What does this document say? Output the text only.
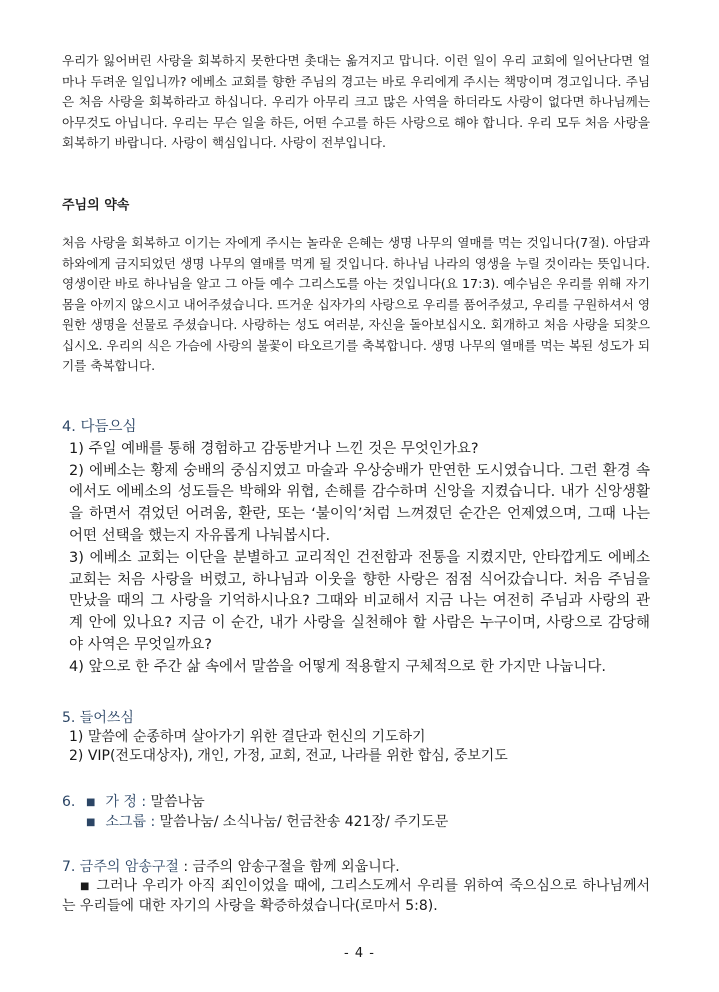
우리가 잃어버린 사랑을 회복하지 못한다면 촛대는 옮겨지고 맙니다. 이런 일이 우리 교회에 일어난다면 얼마나 두려운 일입니까? 에베소 교회를 향한 주님의 경고는 바로 우리에게 주시는 책망이며 경고입니다. 주님은 처음 사랑을 회복하라고 하십니다. 우리가 아무리 크고 많은 사역을 하더라도 사랑이 없다면 하나님께는 아무것도 아닙니다. 우리는 무슨 일을 하든, 어떤 수고를 하든 사랑으로 해야 합니다. 우리 모두 처음 사랑을 회복하기 바랍니다. 사랑이 핵심입니다. 사랑이 전부입니다.
주님의 약속
처음 사랑을 회복하고 이기는 자에게 주시는 놀라운 은혜는 생명 나무의 열매를 먹는 것입니다(7절). 아담과 하와에게 금지되었던 생명 나무의 열매를 먹게 될 것입니다. 하나님 나라의 영생을 누릴 것이라는 뜻입니다. 영생이란 바로 하나님을 알고 그 아들 예수 그리스도를 아는 것입니다(요 17:3). 예수님은 우리를 위해 자기 몸을 아끼지 않으시고 내어주셨습니다. 뜨거운 십자가의 사랑으로 우리를 품어주셨고, 우리를 구원하셔서 영원한 생명을 선물로 주셨습니다. 사랑하는 성도 여러분, 자신을 돌아보십시오. 회개하고 처음 사랑을 되찾으십시오. 우리의 식은 가슴에 사랑의 불꽃이 타오르기를 축복합니다. 생명 나무의 열매를 먹는 복된 성도가 되기를 축복합니다.
4. 다듬으심
1) 주일 예배를 통해 경험하고 감동받거나 느낀 것은 무엇인가요?
2) 에베소는 황제 숭배의 중심지였고 마술과 우상숭배가 만연한 도시였습니다. 그런 환경 속에서도 에베소의 성도들은 박해와 위협, 손해를 감수하며 신앙을 지켰습니다. 내가 신앙생활을 하면서 겪었던 어려움, 환란, 또는 ‘불이익’처럼 느껴졌던 순간은 언제였으며, 그때 나는 어떤 선택을 했는지 자유롭게 나눠봅시다.
3) 에베소 교회는 이단을 분별하고 교리적인 건전함과 전통을 지켰지만, 안타깝게도 에베소 교회는 처음 사랑을 버렸고, 하나님과 이웃을 향한 사랑은 점점 식어갔습니다. 처음 주님을 만났을 때의 그 사랑을 기억하시나요? 그때와 비교해서 지금 나는 여전히 주님과 사랑의 관계 안에 있나요? 지금 이 순간, 내가 사랑을 실천해야 할 사람은 누구이며, 사랑으로 감당해야 사역은 무엇일까요?
4) 앞으로 한 주간 삶 속에서 말씀을 어떻게 적용할지 구체적으로 한 가지만 나눕니다.
5. 들어쓰심
1) 말씀에 순종하며 살아가기 위한 결단과 헌신의 기도하기
2) VIP(전도대상자), 개인, 가정, 교회, 전교, 나라를 위한 합심, 중보기도
6. ■ 가 정 : 말씀나눔
■ 소그룹 : 말씀나눔/ 소식나눔/ 헌금찬송 421장/ 주기도문
7. 금주의 암송구절 : 금주의 암송구절을 함께 외웁니다.
■ 그러나 우리가 아직 죄인이었을 때에, 그리스도께서 우리를 위하여 죽으심으로 하나님께서는 우리들에 대한 자기의 사랑을 확증하셨습니다(로마서 5:8).
- 4 -
